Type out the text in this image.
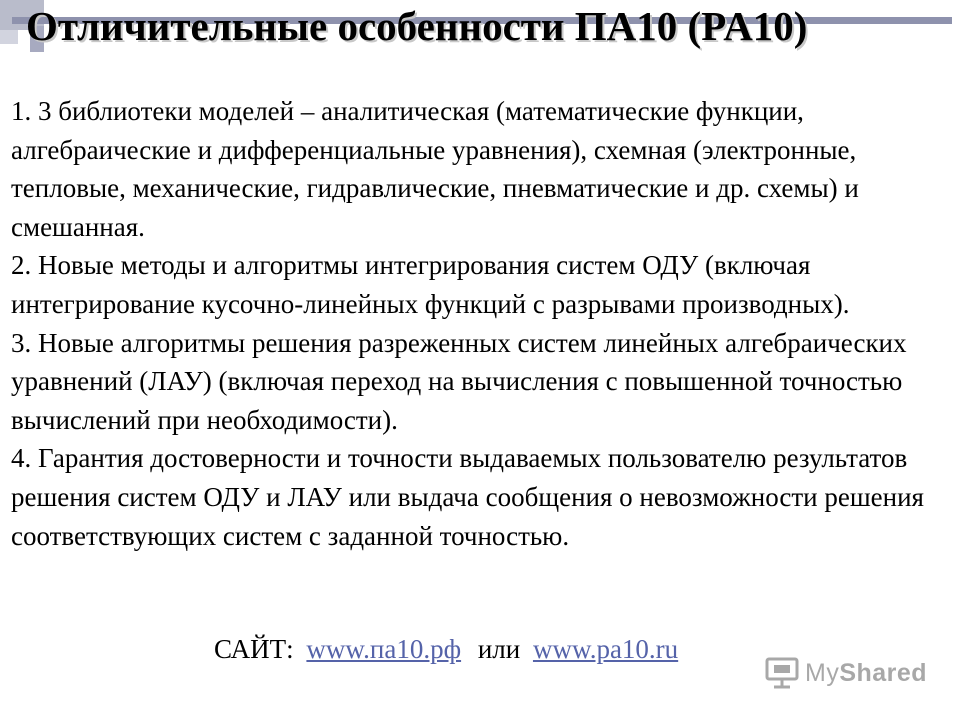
Отличительные особенности ПА10 (PA10)

1. 3 библиотеки моделей – аналитическая (математические функции, алгебраические и дифференциальные уравнения), схемная (электронные, тепловые, механические, гидравлические, пневматические и др. схемы) и смешанная.

2. Новые методы и алгоритмы интегрирования систем ОДУ (включая интегрирование кусочно-линейных функций с разрывами производных).

3. Новые алгоритмы решения разреженных систем линейных алгебраических уравнений (ЛАУ) (включая переход на вычисления с повышенной точностью вычислений при необходимости).

4. Гарантия достоверности и точности выдаваемых пользователю результатов решения систем ОДУ и ЛАУ или выдача сообщения о невозможности решения соответствующих систем с заданной точностью.

САЙТ: www.па10.рф или www.pa10.ru
MyShared
